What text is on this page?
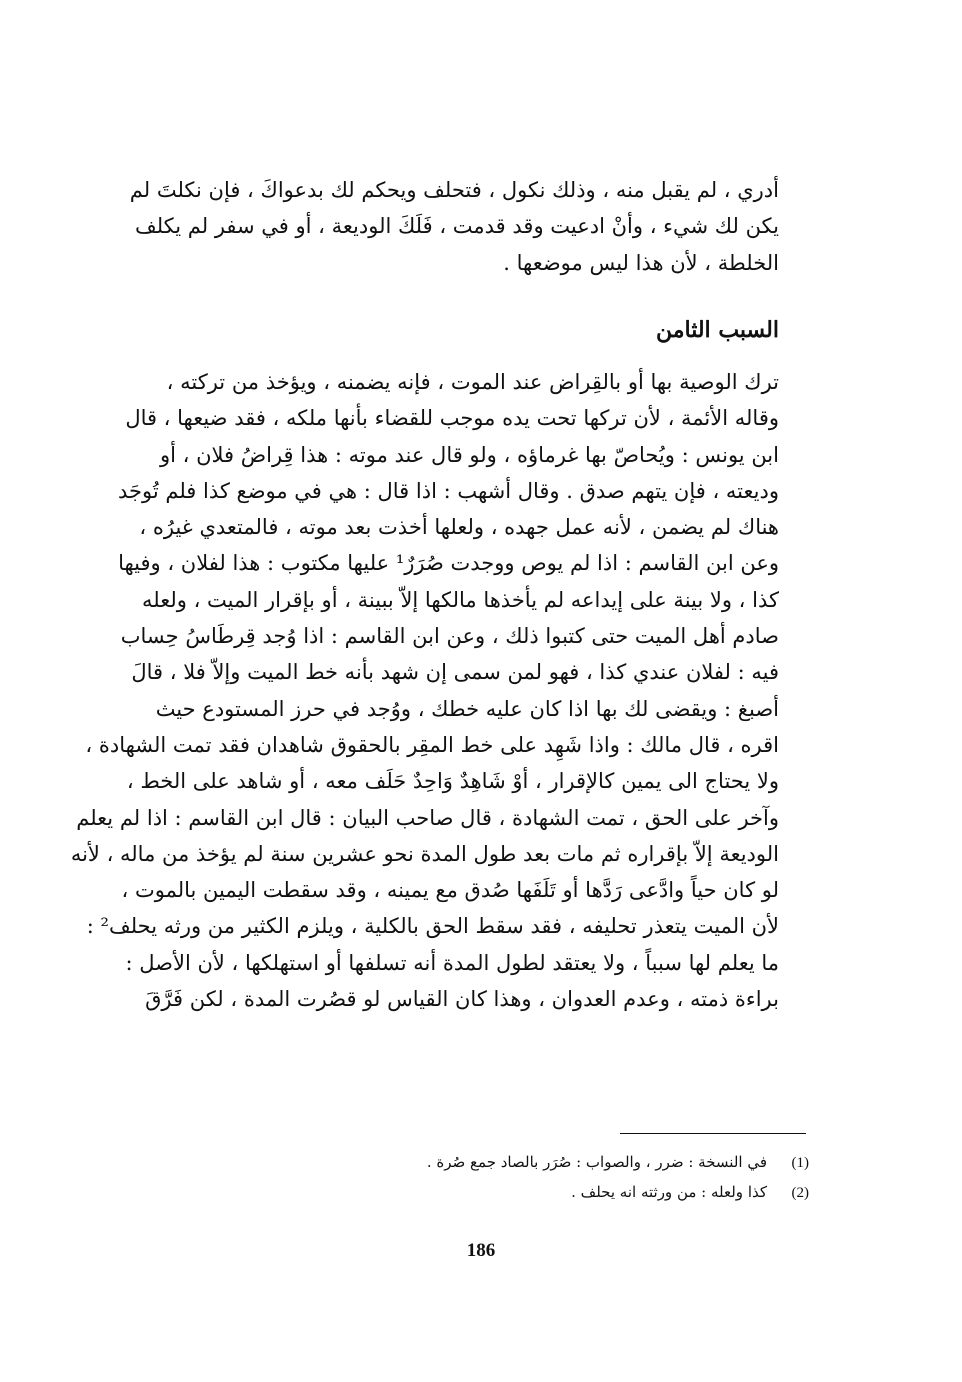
أدري ، لم يقبل منه ، وذلك نكول ، فتحلف ويحكم لك بدعواكَ ، فإن نكلتَ لم
يكن لك شيء ، وأنْ ادعيت وقد قدمت ، فَلَكَ الوديعة ، أو في سفر لم يكلف
الخلطة ، لأن هذا ليس موضعها .
السبب الثامن
ترك الوصية بها أو بالقِراض عند الموت ، فإنه يضمنه ، ويؤخذ من تركته ،
وقاله الأئمة ، لأن تركها تحت يده موجب للقضاء بأنها ملكه ، فقد ضيعها ، قال
ابن يونس : ويُحاصّ بها غرماؤه ، ولو قال عند موته : هذا قِراضُ فلان ، أو
وديعته ، فإن يتهم صدق . وقال أشهب : اذا قال : هي في موضع كذا فلم تُوجَد
هناك لم يضمن ، لأنه عمل جهده ، ولعلها أخذت بعد موته ، فالمتعدي غيرُه ،
وعن ابن القاسم : اذا لم يوص ووجدت صُرَرٌ¹ عليها مكتوب : هذا لفلان ، وفيها
كذا ، ولا بينة على إيداعه لم يأخذها مالكها إلاّ ببينة ، أو بإقرار الميت ، ولعله
صادم أهل الميت حتى كتبوا ذلك ، وعن ابن القاسم : اذا وُجد قِرطَاسُ حِساب
فيه : لفلان عندي كذا ، فهو لمن سمى إن شهد بأنه خط الميت وإلاّ فلا ، قالَ
أصبغ : ويقضى لك بها اذا كان عليه خطك ، ووُجد في حرز المستودع حيث
اقره ، قال مالك : واذا شَهِد على خط المقِر بالحقوق شاهدان فقد تمت الشهادة ،
ولا يحتاج الى يمين كالإقرار ، أوْ شَاهِدٌ وَاحِدٌ حَلَف معه ، أو شاهد على الخط ،
وآخر على الحق ، تمت الشهادة ، قال صاحب البيان : قال ابن القاسم : اذا لم يعلم
الوديعة إلاّ بإقراره ثم مات بعد طول المدة نحو عشرين سنة لم يؤخذ من ماله ، لأنه
لو كان حياً وادَّعى رَدَّها أو تَلَفَها صُدق مع يمينه ، وقد سقطت اليمين بالموت ،
لأن الميت يتعذر تحليفه ، فقد سقط الحق بالكلية ، ويلزم الكثير من ورثه يحلف² :
ما يعلم لها سبباً ، ولا يعتقد لطول المدة أنه تسلفها أو استهلكها ، لأن الأصل :
براءة ذمته ، وعدم العدوان ، وهذا كان القياس لو قصُرت المدة ، لكن فَرَّقَ
(1)
في النسخة : ضرر ، والصواب : صُرَر بالصاد جمع صُرة .
(2)
كذا ولعله : من ورثته انه يحلف .
186
